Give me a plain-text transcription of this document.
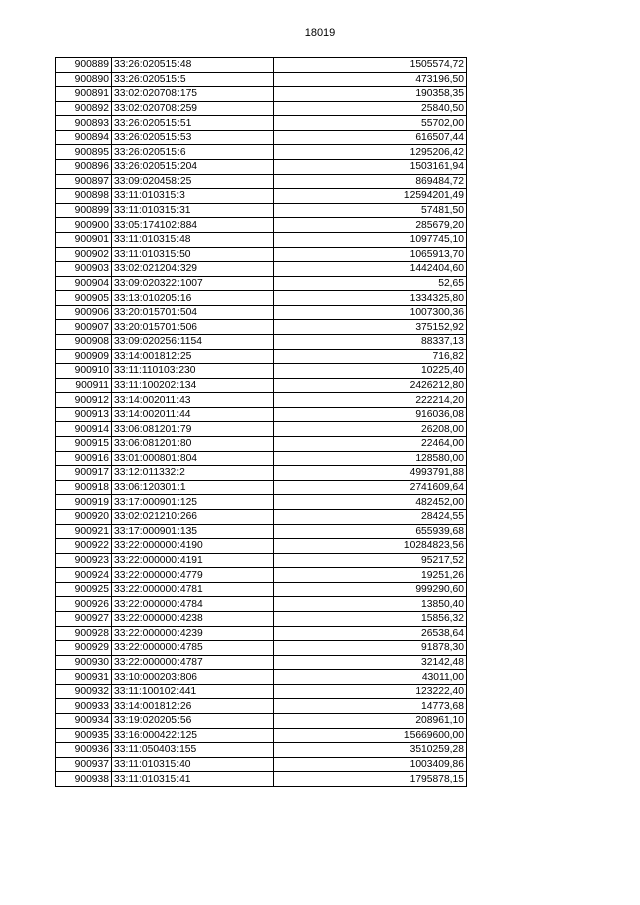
18019
900889	33:26:020515:48	1505574,72
900890	33:26:020515:5	473196,50
900891	33:02:020708:175	190358,35
900892	33:02:020708:259	25840,50
900893	33:26:020515:51	55702,00
900894	33:26:020515:53	616507,44
900895	33:26:020515:6	1295206,42
900896	33:26:020515:204	1503161,94
900897	33:09:020458:25	869484,72
900898	33:11:010315:3	12594201,49
900899	33:11:010315:31	57481,50
900900	33:05:174102:884	285679,20
900901	33:11:010315:48	1097745,10
900902	33:11:010315:50	1065913,70
900903	33:02:021204:329	1442404,60
900904	33:09:020322:1007	52,65
900905	33:13:010205:16	1334325,80
900906	33:20:015701:504	1007300,36
900907	33:20:015701:506	375152,92
900908	33:09:020256:1154	88337,13
900909	33:14:001812:25	716,82
900910	33:11:110103:230	10225,40
900911	33:11:100202:134	2426212,80
900912	33:14:002011:43	222214,20
900913	33:14:002011:44	916036,08
900914	33:06:081201:79	26208,00
900915	33:06:081201:80	22464,00
900916	33:01:000801:804	128580,00
900917	33:12:011332:2	4993791,88
900918	33:06:120301:1	2741609,64
900919	33:17:000901:125	482452,00
900920	33:02:021210:266	28424,55
900921	33:17:000901:135	655939,68
900922	33:22:000000:4190	10284823,56
900923	33:22:000000:4191	95217,52
900924	33:22:000000:4779	19251,26
900925	33:22:000000:4781	999290,60
900926	33:22:000000:4784	13850,40
900927	33:22:000000:4238	15856,32
900928	33:22:000000:4239	26538,64
900929	33:22:000000:4785	91878,30
900930	33:22:000000:4787	32142,48
900931	33:10:000203:806	43011,00
900932	33:11:100102:441	123222,40
900933	33:14:001812:26	14773,68
900934	33:19:020205:56	208961,10
900935	33:16:000422:125	15669600,00
900936	33:11:050403:155	3510259,28
900937	33:11:010315:40	1003409,86
900938	33:11:010315:41	1795878,15
